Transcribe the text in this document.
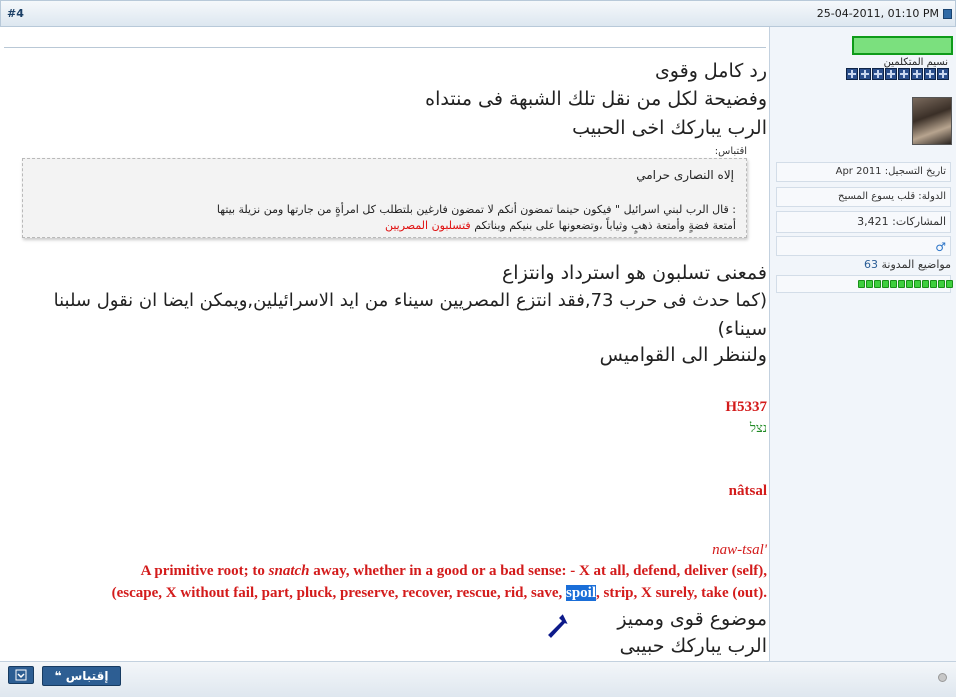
#4	25-04-2011, 01:10 PM
رد كامل وقوى
وفضيحة لكل من نقل تلك الشبهة فى منتداه
الرب يباركك اخى الحبيب
اقتباس:
إلاه النصارى حرامي
: قال الرب لبني اسرائيل " فيكون حينما تمضون أنكم لا تمضون فارغين بلتطلب كل امرأةٍ من جارتها ومن نزيلة بيتها
أمتعة فضةٍ وأمتعة ذهبٍ وثياباً ،وتضعونها على بنيكم وبناتكم فتسلبون المصريين
فمعنى تسلبون هو استرداد وانتزاع
(كما حدث فى حرب 73,فقد انتزع المصريين سيناء من ايد الاسرائيلين,ويمكن ايضا ان نقول سلبنا
سيناء)
ولننظر الى القواميس
H5337
נצל
nâtsal
naw-tsal'
A primitive root; to snatch away, whether in a good or a bad sense: - X at all, defend, deliver (self),
(escape, X without fail, part, pluck, preserve, recover, rescue, rid, save, spoil, strip, X surely, take (out).
موضوع قوى ومميز
الرب يباركك حبيبى
نسيم المتكلمين
تاريخ التسجيل: Apr 2011
الدولة: قلب يسوع المسيح
المشاركات: 3,421
♂
مواضيع المدونة 63
إقتباس ❝
